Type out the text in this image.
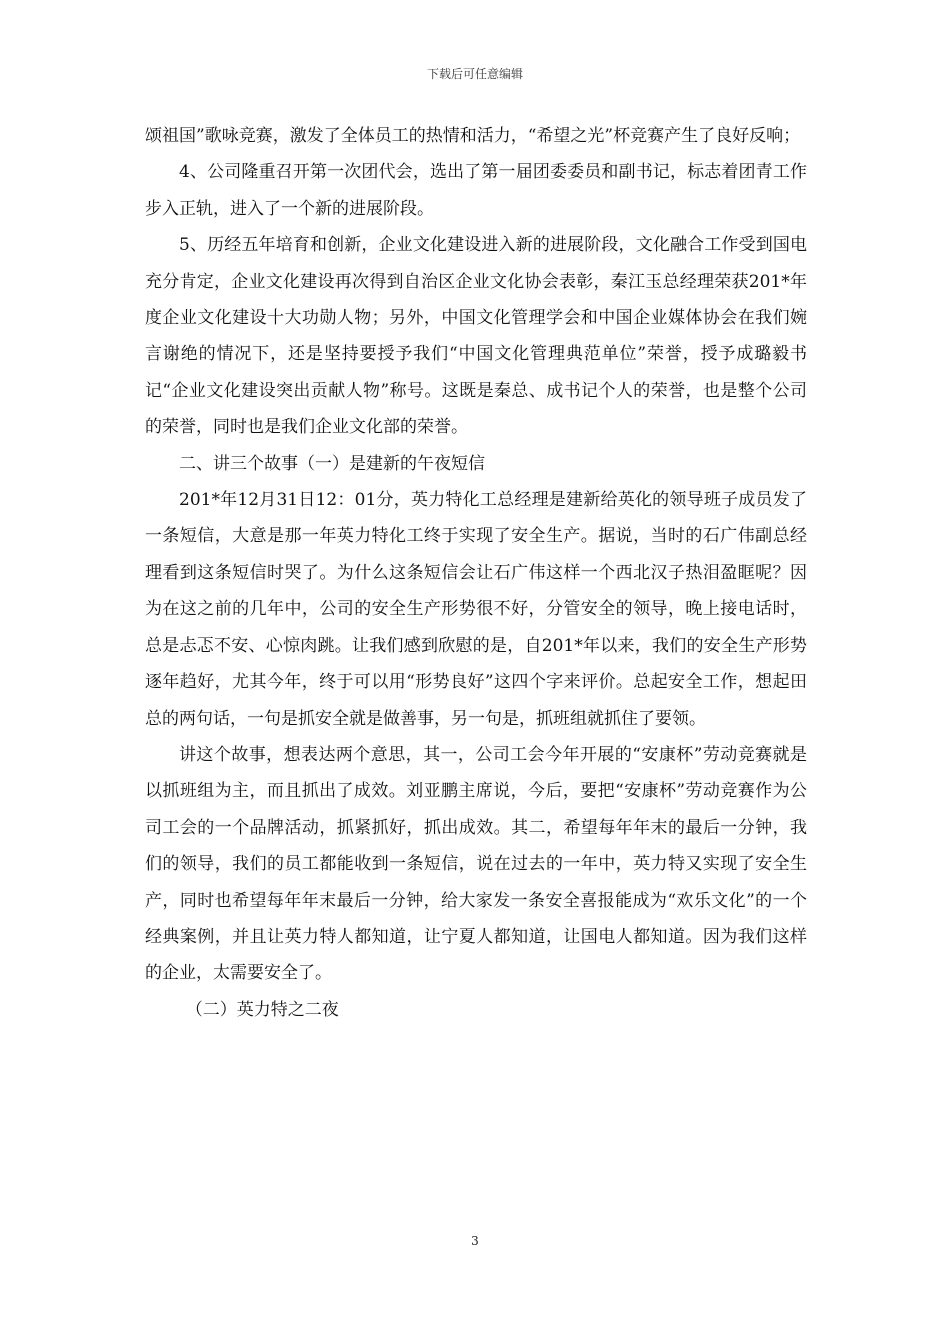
下载后可任意编辑

颂祖国”歌咏竞赛，激发了全体员工的热情和活力，“希望之光”杯竞赛产生了良好反响；

4、公司隆重召开第一次团代会，选出了第一届团委委员和副书记，标志着团青工作步入正轨，进入了一个新的进展阶段。

5、历经五年培育和创新，企业文化建设进入新的进展阶段，文化融合工作受到国电充分肯定，企业文化建设再次得到自治区企业文化协会表彰，秦江玉总经理荣获201*年度企业文化建设十大功勋人物；另外，中国文化管理学会和中国企业媒体协会在我们婉言谢绝的情况下，还是坚持要授予我们“中国文化管理典范单位”荣誉，授予成璐毅书记“企业文化建设突出贡献人物”称号。这既是秦总、成书记个人的荣誉，也是整个公司的荣誉，同时也是我们企业文化部的荣誉。

二、讲三个故事（一）是建新的午夜短信

201*年12月31日12：01分，英力特化工总经理是建新给英化的领导班子成员发了一条短信，大意是那一年英力特化工终于实现了安全生产。据说，当时的石广伟副总经理看到这条短信时哭了。为什么这条短信会让石广伟这样一个西北汉子热泪盈眶呢？因为在这之前的几年中，公司的安全生产形势很不好，分管安全的领导，晚上接电话时，总是忐忑不安、心惊肉跳。让我们感到欣慰的是，自201*年以来，我们的安全生产形势逐年趋好，尤其今年，终于可以用“形势良好”这四个字来评价。总起安全工作，想起田总的两句话，一句是抓安全就是做善事，另一句是，抓班组就抓住了要领。

讲这个故事，想表达两个意思，其一，公司工会今年开展的“安康杯”劳动竞赛就是以抓班组为主，而且抓出了成效。刘亚鹏主席说，今后，要把“安康杯”劳动竞赛作为公司工会的一个品牌活动，抓紧抓好，抓出成效。其二，希望每年年末的最后一分钟，我们的领导，我们的员工都能收到一条短信，说在过去的一年中，英力特又实现了安全生产，同时也希望每年年末最后一分钟，给大家发一条安全喜报能成为“欢乐文化”的一个经典案例，并且让英力特人都知道，让宁夏人都知道，让国电人都知道。因为我们这样的企业，太需要安全了。

（二）英力特之二夜

3
